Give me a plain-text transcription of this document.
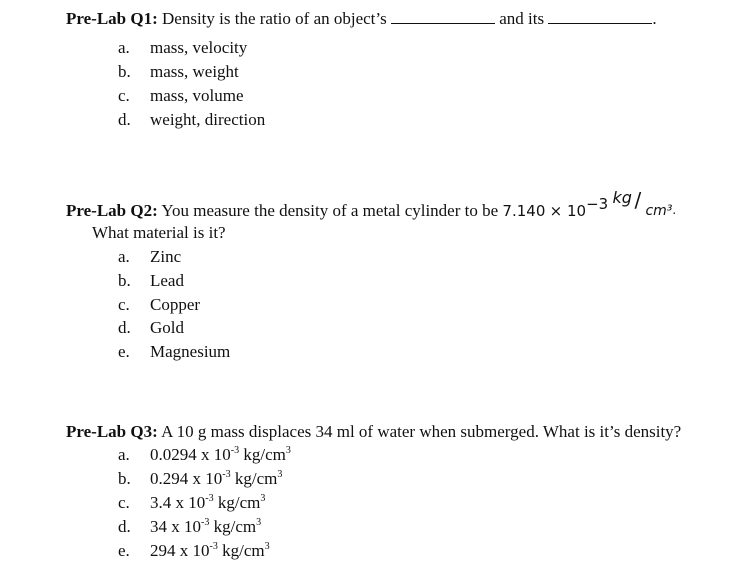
Pre-Lab Q1: Density is the ratio of an object’s	and its	.
a. mass, velocity
b. mass, weight
c. mass, volume
d. weight, direction
Pre-Lab Q2: You measure the density of a metal cylinder to be $7.140 \times 10^{-3}$ kg / cm³ .
What material is it?
a. Zinc
b. Lead
c. Copper
d. Gold
e. Magnesium
Pre-Lab Q3: A 10 g mass displaces 34 ml of water when submerged. What is it’s density?
a. 0.0294 x $10^{-3}$ $kg/cm^3$
b. 0.294 x $10^{-3}$ $kg/cm^3$
c. 3.4 x $10^{-3}$ $kg/cm^3$
d. 34 x $10^{-3}$ $kg/cm^3$
e. 294 x $10^{-3}$ $kg/cm^3$
